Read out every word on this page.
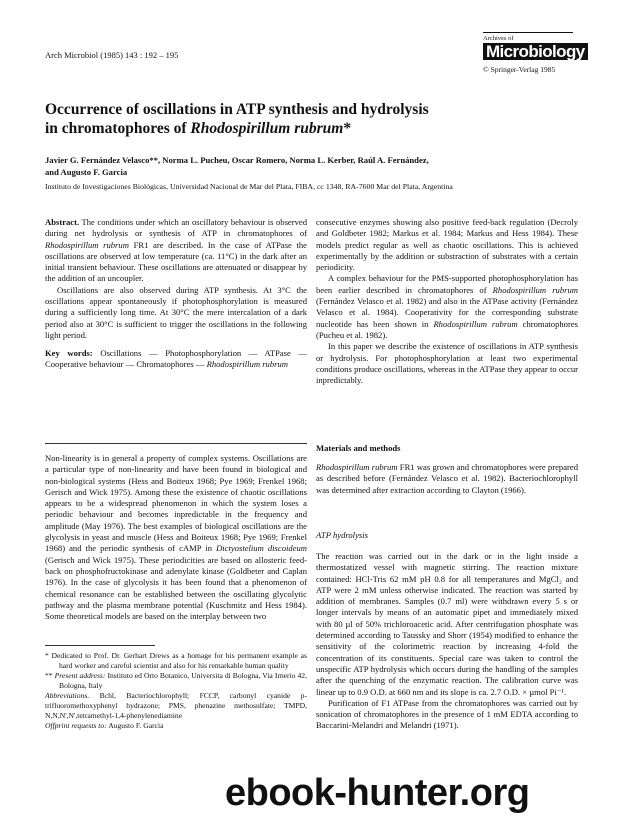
Arch Microbiol (1985) 143 : 192 – 195
Archives of
Microbiology
© Springer-Verlag 1985
Occurrence of oscillations in ATP synthesis and hydrolysis
in chromatophores of Rhodospirillum rubrum*
Javier G. Fernández Velasco**, Norma L. Pucheu, Oscar Romero, Norma L. Kerber, Raúl A. Fernández,
and Augusto F. Garcia
Instituto de Investigaciones Biológicas, Universidad Nacional de Mar del Plata, FIBA, cc 1348, RA-7600 Mar del Plata, Argentina

Abstract. The conditions under which an oscillatory behaviour is observed during net hydrolysis or synthesis of ATP in chromatophores of Rhodospirillum rubrum FR1 are described. In the case of ATPase the oscillations are observed at low temperature (ca. 11°C) in the dark after an initial transient behaviour. These oscillations are attenuated or disappear by the addition of an uncoupler.

Oscillations are also observed during ATP synthesis. At 3°C the oscillations appear spontaneously if photophosphorylation is measured during a sufficiently long time. At 30°C the mere intercalation of a dark period also at 30°C is sufficient to trigger the oscillations in the following light period.

Key words: Oscillations — Photophosphorylation — ATPase — Cooperative behaviour — Chromatophores — Rhodospirillum rubrum

Non-linearity is in general a property of complex systems. Oscillations are a particular type of non-linearity and have been found in biological and non-biological systems (Hess and Boiteux 1968; Pye 1969; Frenkel 1968; Gerisch and Wick 1975). Among these the existence of chaotic oscillations appears to be a widespread phenomenon in which the system loses a periodic behaviour and becomes inpredictable in the frequency and amplitude (May 1976). The best examples of biological oscillations are the glycolysis in yeast and muscle (Hess and Boiteux 1968; Pye 1969; Frenkel 1968) and the periodic synthesis of cAMP in Dictyostelium discoideum (Gerisch and Wick 1975). These periodicities are based on allosteric feed-back on phosphofructokinase and adenylate kinase (Goldbeter and Caplan 1976). In the case of glycolysis it has been found that a phenomenon of chemical resonance can be established between the oscillating glycolytic pathway and the plasma membrane potential (Kuschmitz and Hess 1984). Some theoretical models are based on the interplay between two

* Dedicated to Prof. Dr. Gerhart Drews as a homage for his permanent example as hard worker and careful scientist and also for his remarkable human quality

** Present address: Instituto ed Orto Botanico, Universita di Bologna, Via Irnerio 42, Bologna, Italy

Abbreviations. Bchl, Bacteriochlorophyll; FCCP, carbonyl cyanide p-trifluoromethoxyphenyl hydrazone; PMS, phenazine methosulfate; TMPD, N,N,N',N',tetramethyl-1,4-phenylenediamine

Offprint requests to: Augusto F. Garcia

consecutive enzymes showing also positive feed-back regulation (Decroly and Goldbeter 1982; Markus et al. 1984; Markus and Hess 1984). These models predict regular as well as chaotic oscillations. This is achieved experimentally by the addition or substraction of substrates with a certain periodicity.

A complex behaviour for the PMS-supported photophosphorylation has been earlier described in chromatophores of Rhodospirillum rubrum (Fernández Velasco et al. 1982) and also in the ATPase activity (Fernández Velasco et al. 1984). Cooperativity for the corresponding substrate nucleotide has been shown in Rhodospirillum rubrum chromatophores (Pucheu et al. 1982).

In this paper we describe the existence of oscillations in ATP synthesis or hydrolysis. For photophosphorylation at least two experimental conditions produce oscillations, whereas in the ATPase they appear to occur inpredictably.

Materials and methods

Rhodospirillum rubrum FR1 was grown and chromatophores were prepared as described before (Fernández Velasco et al. 1982). Bacteriochlorophyll was determined after extraction according to Clayton (1966).

ATP hydrolysis

The reaction was carried out in the dark or in the light inside a thermostatized vessel with magnetic stirring. The reaction mixture contained: HCl-Tris 62 mM pH 0.8 for all temperatures and MgCl₂ and ATP were 2 mM unless otherwise indicated. The reaction was started by addition of membranes. Samples (0.7 ml) were withdrawn every 5 s or longer intervals by means of an automatic pipet and immediately mixed with 80 µl of 50% trichloroacetic acid. After centrifugation phosphate was determined according to Taussky and Shorr (1954) modified to enhance the sensitivity of the colorimetric reaction by increasing 4-fold the concentration of its constituents. Special care was taken to control the unspecific ATP hydrolysis which occurs during the handling of the samples after the quenching of the enzymatic reaction. The calibration curve was linear up to 0.9 O.D. at 660 nm and its slope is ca. 2.7 O.D. × µmol Pi⁻¹.

Purification of F1 ATPase from the chromatophores was carried out by sonication of chromatophores in the presence of 1 mM EDTA according to Baccarini-Melandri and Melandri (1971).

ebook-hunter.org
